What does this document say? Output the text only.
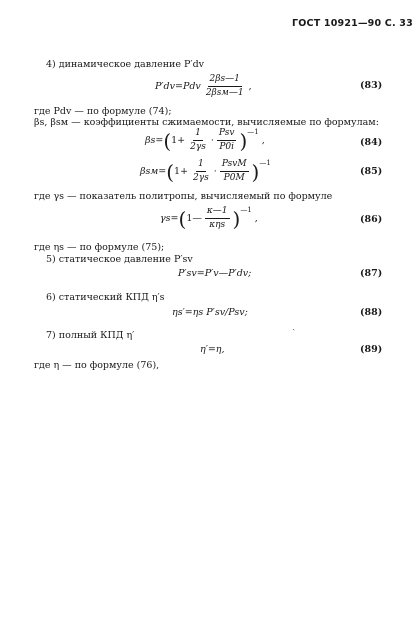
ГОСТ 10921—90 С. 33
4) динамическое давление P′dv
$P'dv=Pdv \frac{2\beta s—1}{\text{2βsм—1}}$ ,	(83)
где Pdv — по формуле (74);
βs, βsм — коэффициенты сжимаемости, вычисляемые по формулам:
βs= ( $1+ \frac{1}{2\gamma s} \cdot \frac{\text{Psv}}{P0i}$ ) —1
,	(84)
βsм= ( $1+ \frac{1}{2\gamma s} \cdot \frac{\text{PsvM}}{P0M}$ ) —1
(85)
где γs — показатель политропы, вычисляемый по формуле
γs= ( 1— $\frac{\kappa—1}{\text{κηs}}$ ) —1
,	(86)
где ηs — по формуле (75);
5) статическое давление P′sv
P′sv=P′v—P′dv;	(87)
6) статический КПД η′s
ηs′=ηs P′sv/Psv;	(88)
ˎ
7) полный КПД η′
η′=η,	(89)
где η — по формуле (76),
